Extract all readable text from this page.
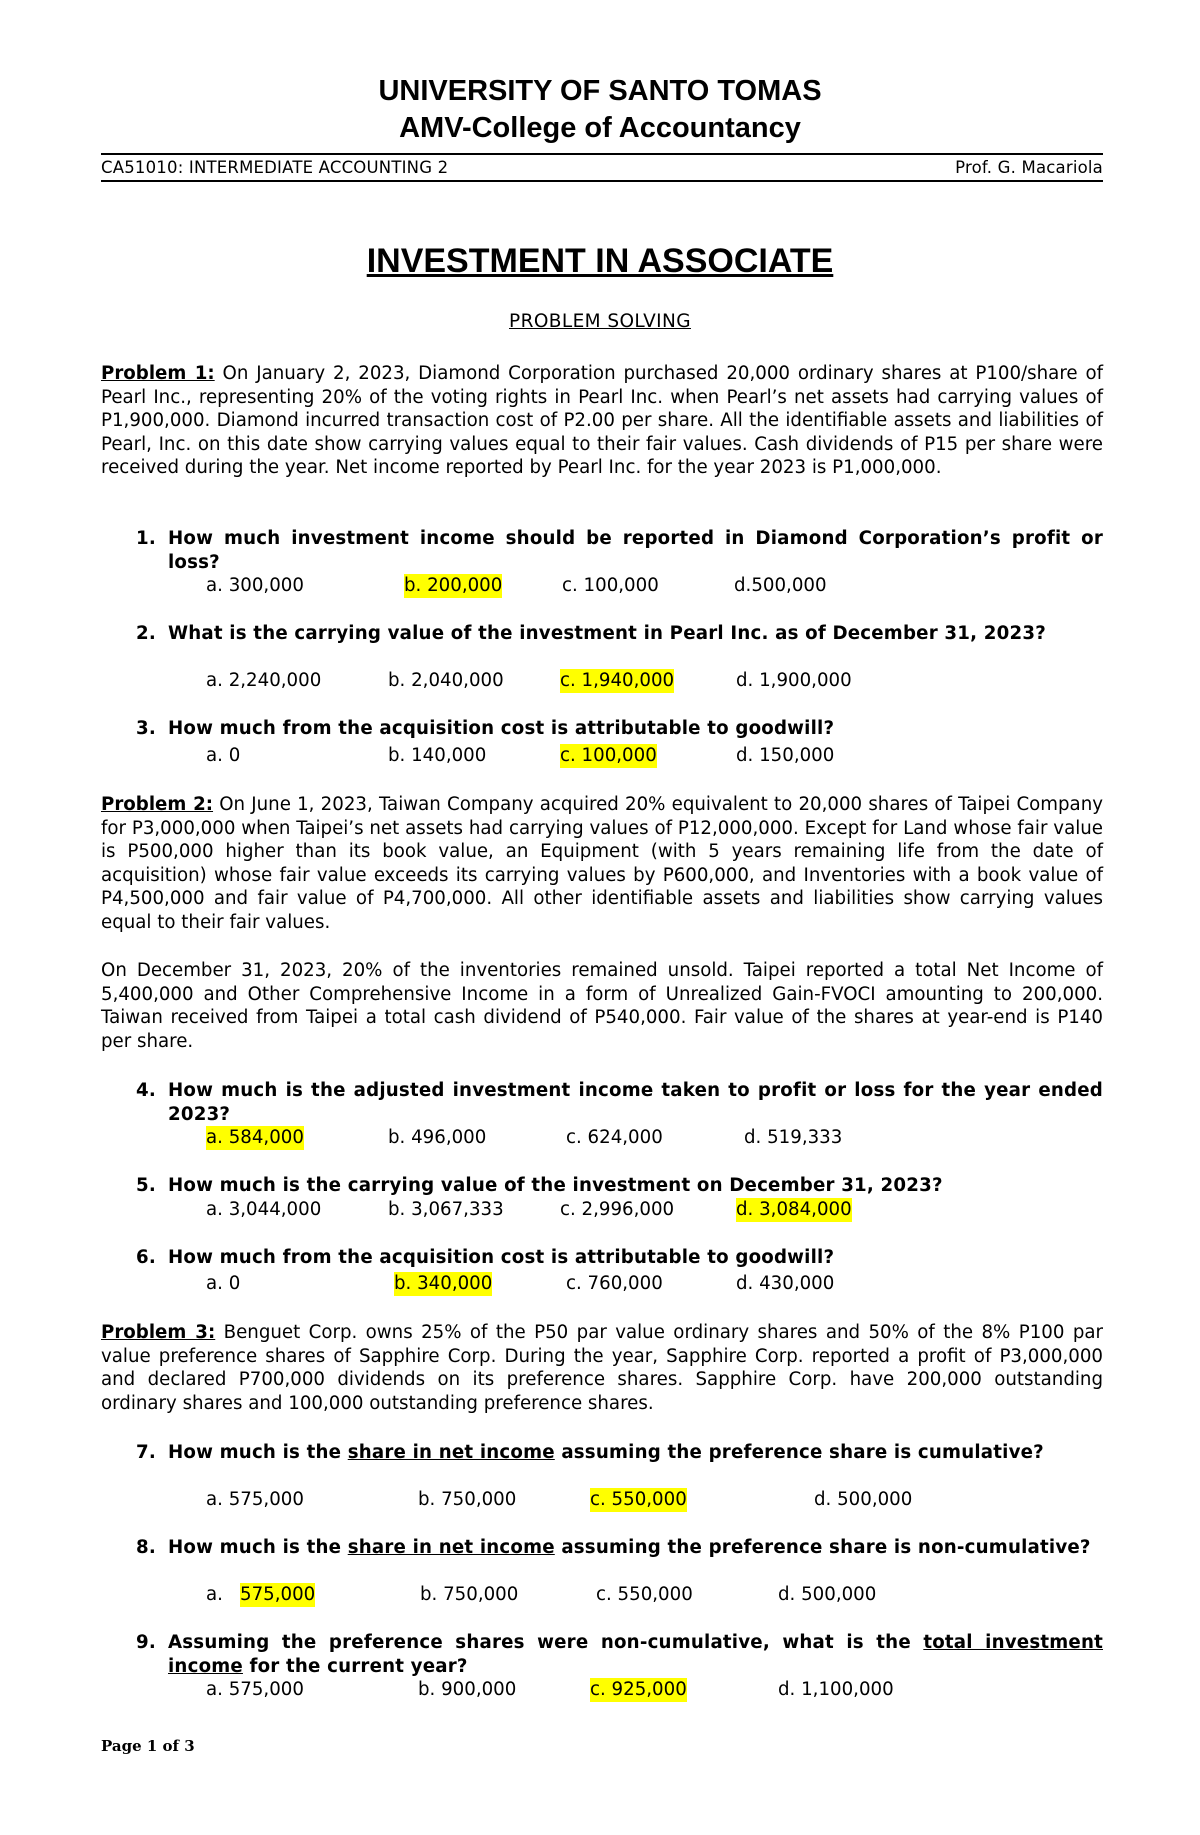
UNIVERSITY OF SANTO TOMAS
AMV-College of Accountancy
CA51010: INTERMEDIATE ACCOUNTING 2	Prof. G. Macariola
INVESTMENT IN ASSOCIATE
PROBLEM SOLVING
Problem 1: On January 2, 2023, Diamond Corporation purchased 20,000 ordinary shares at P100/share of Pearl Inc., representing 20% of the voting rights in Pearl Inc. when Pearl’s net assets had carrying values of P1,900,000. Diamond incurred transaction cost of P2.00 per share. All the identifiable assets and liabilities of Pearl, Inc. on this date show carrying values equal to their fair values. Cash dividends of P15 per share were received during the year. Net income reported by Pearl Inc. for the year 2023 is P1,000,000.
1. How much investment income should be reported in Diamond Corporation’s profit or loss?
a. 300,000	b. 200,000	c. 100,000	d.500,000
2. What is the carrying value of the investment in Pearl Inc. as of December 31, 2023?
a. 2,240,000	b. 2,040,000	c. 1,940,000	d. 1,900,000
3. How much from the acquisition cost is attributable to goodwill?
a. 0	b. 140,000	c. 100,000	d. 150,000
Problem 2: On June 1, 2023, Taiwan Company acquired 20% equivalent to 20,000 shares of Taipei Company for P3,000,000 when Taipei’s net assets had carrying values of P12,000,000. Except for Land whose fair value is P500,000 higher than its book value, an Equipment (with 5 years remaining life from the date of acquisition) whose fair value exceeds its carrying values by P600,000, and Inventories with a book value of P4,500,000 and fair value of P4,700,000. All other identifiable assets and liabilities show carrying values equal to their fair values.
On December 31, 2023, 20% of the inventories remained unsold. Taipei reported a total Net Income of 5,400,000 and Other Comprehensive Income in a form of Unrealized Gain-FVOCI amounting to 200,000. Taiwan received from Taipei a total cash dividend of P540,000. Fair value of the shares at year-end is P140 per share.
4. How much is the adjusted investment income taken to profit or loss for the year ended 2023?
a. 584,000	b. 496,000	c. 624,000	d. 519,333
5. How much is the carrying value of the investment on December 31, 2023?
a. 3,044,000	b. 3,067,333	c. 2,996,000	d. 3,084,000
6. How much from the acquisition cost is attributable to goodwill?
a. 0	b. 340,000	c. 760,000	d. 430,000
Problem 3: Benguet Corp. owns 25% of the P50 par value ordinary shares and 50% of the 8% P100 par value preference shares of Sapphire Corp. During the year, Sapphire Corp. reported a profit of P3,000,000 and declared P700,000 dividends on its preference shares. Sapphire Corp. have 200,000 outstanding ordinary shares and 100,000 outstanding preference shares.
7. How much is the share in net income assuming the preference share is cumulative?
a. 575,000	b. 750,000	c. 550,000	d. 500,000
8. How much is the share in net income assuming the preference share is non-cumulative?
a. 575,000	b. 750,000	c. 550,000	d. 500,000
9. Assuming the preference shares were non-cumulative, what is the total investment income for the current year?
a. 575,000	b. 900,000	c. 925,000	d. 1,100,000
Page 1 of 3
